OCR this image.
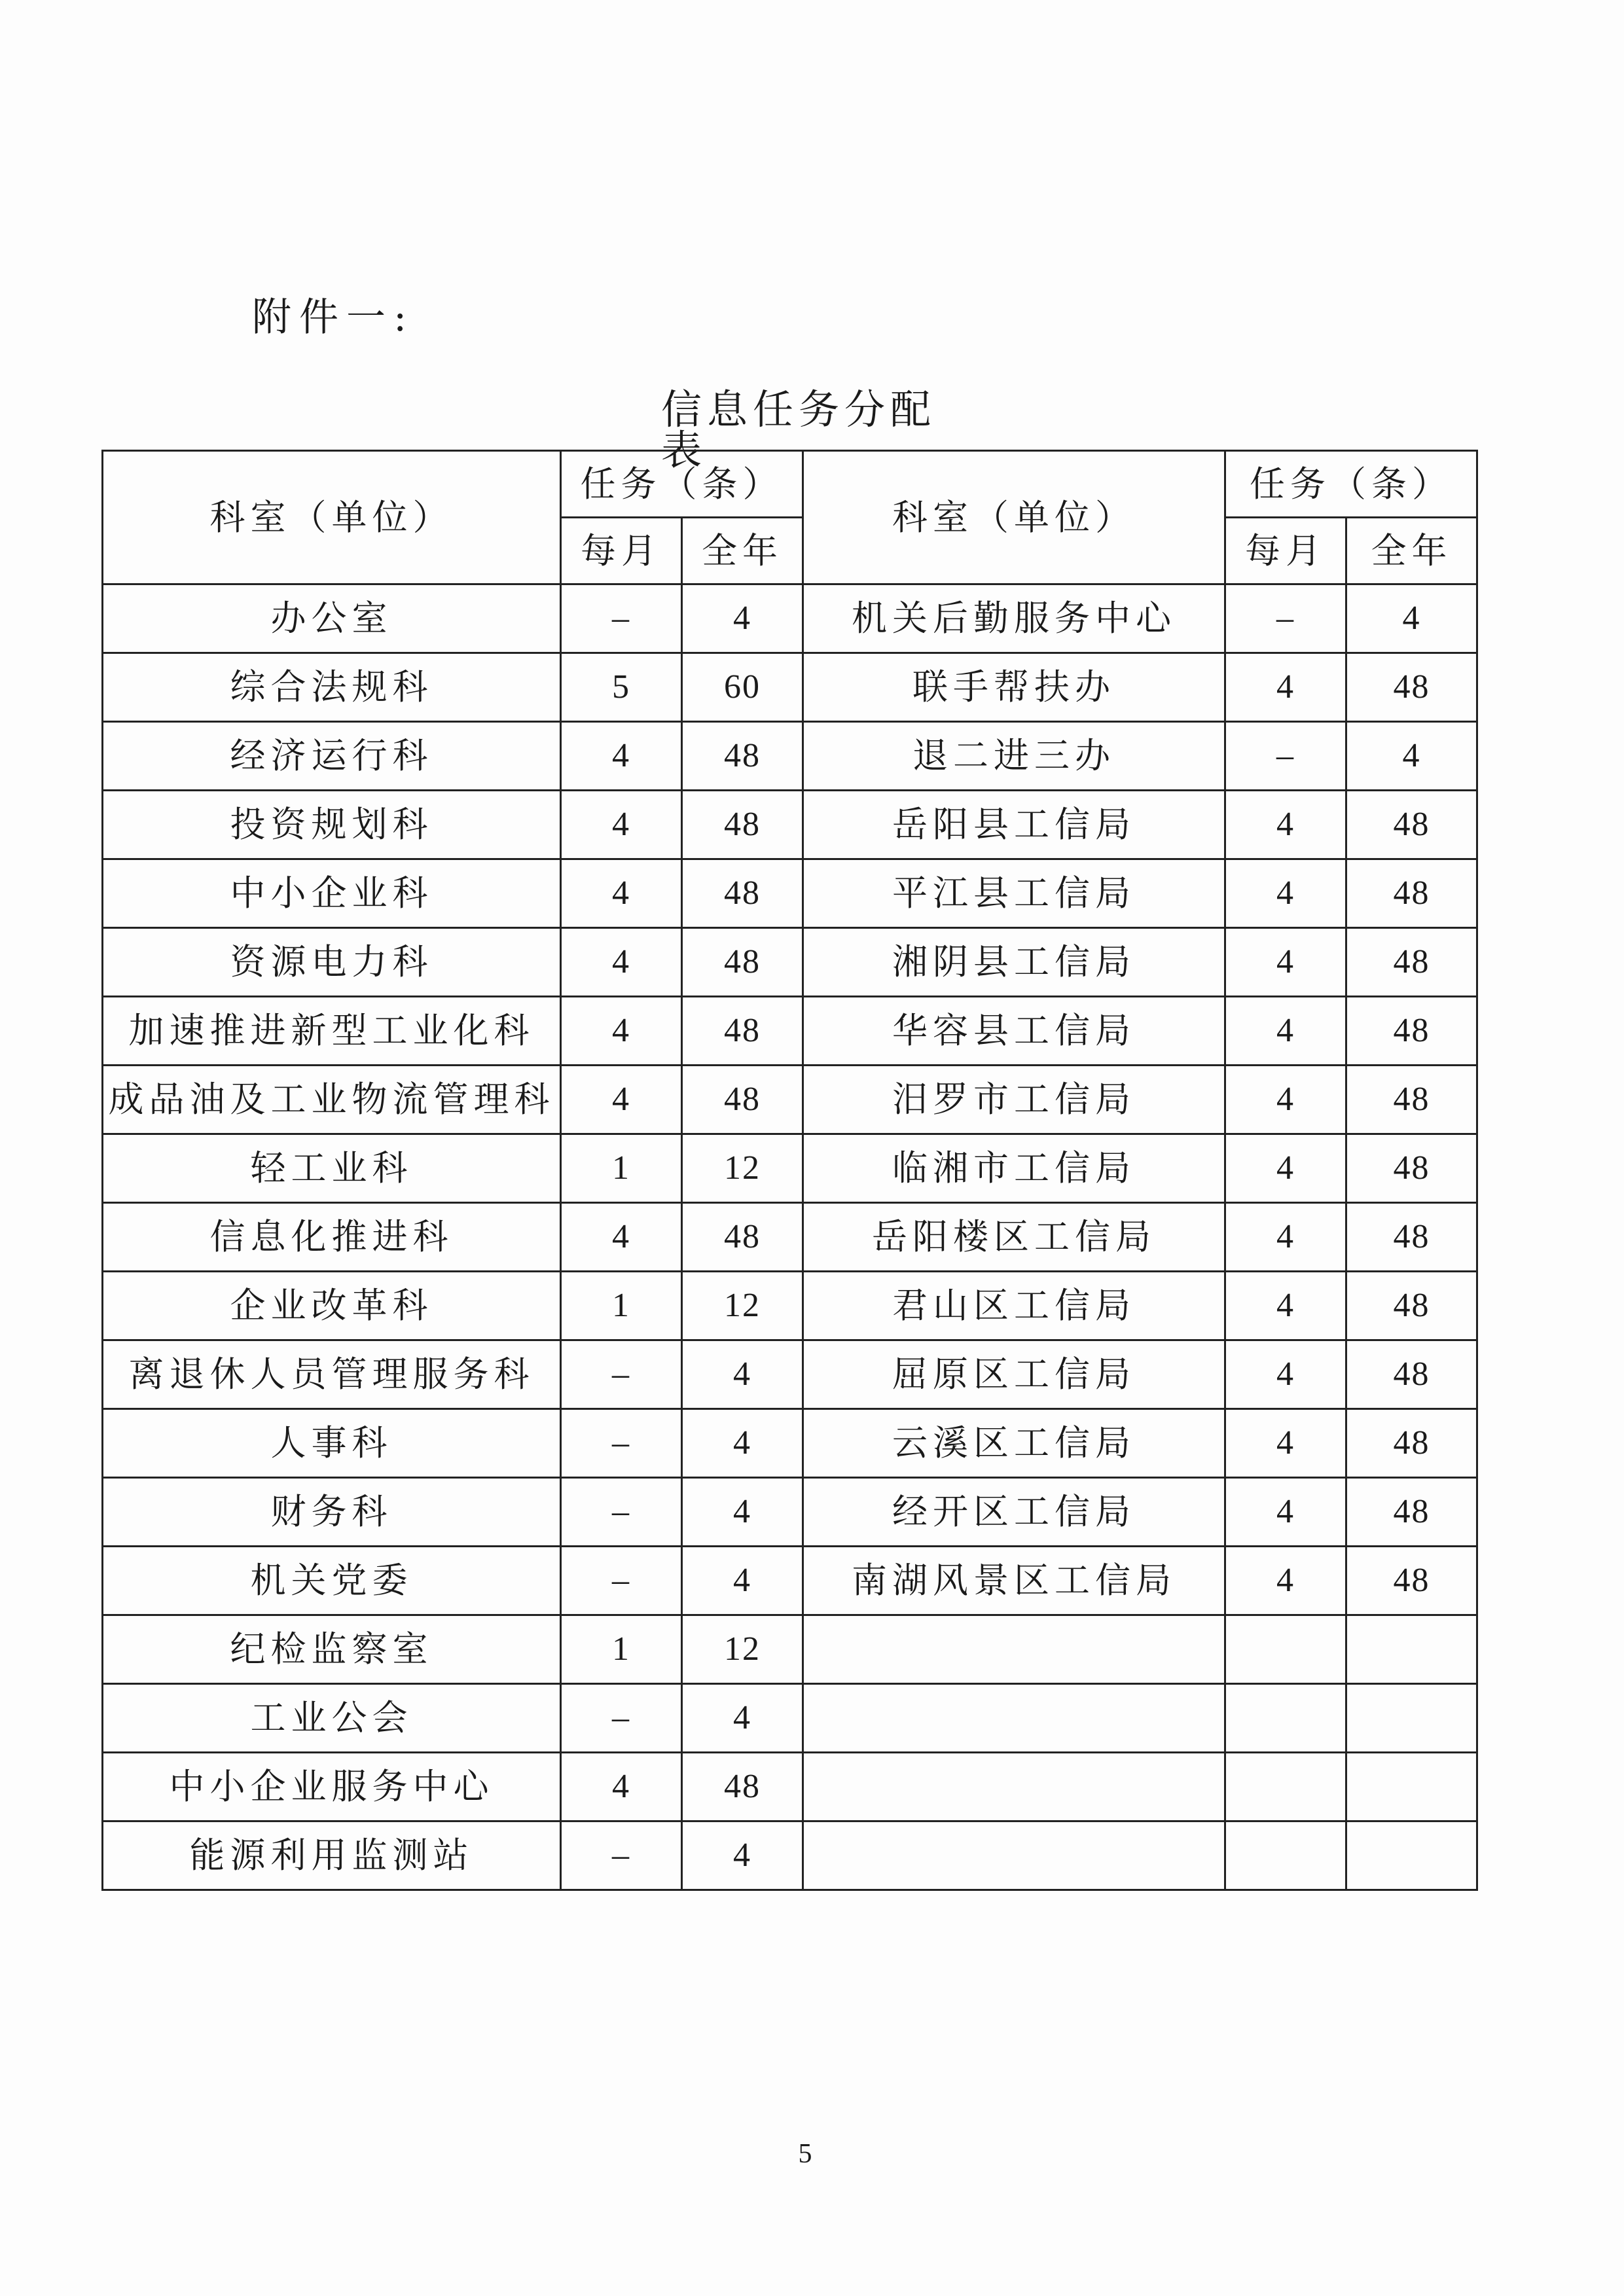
附件一:
信息任务分配表
科室（单位）	任务（条）		科室（单位）	任务（条）	
	每月	全年		每月	全年
办公室	–	4	机关后勤服务中心	–	4
综合法规科	5	60	联手帮扶办	4	48
经济运行科	4	48	退二进三办	–	4
投资规划科	4	48	岳阳县工信局	4	48
中小企业科	4	48	平江县工信局	4	48
资源电力科	4	48	湘阴县工信局	4	48
加速推进新型工业化科	4	48	华容县工信局	4	48
成品油及工业物流管理科	4	48	汨罗市工信局	4	48
轻工业科	1	12	临湘市工信局	4	48
信息化推进科	4	48	岳阳楼区工信局	4	48
企业改革科	1	12	君山区工信局	4	48
离退休人员管理服务科	–	4	屈原区工信局	4	48
人事科	–	4	云溪区工信局	4	48
财务科	–	4	经开区工信局	4	48
机关党委	–	4	南湖风景区工信局	4	48
纪检监察室	1	12			
工业公会	–	4			
中小企业服务中心	4	48			
能源利用监测站	–	4			
5
